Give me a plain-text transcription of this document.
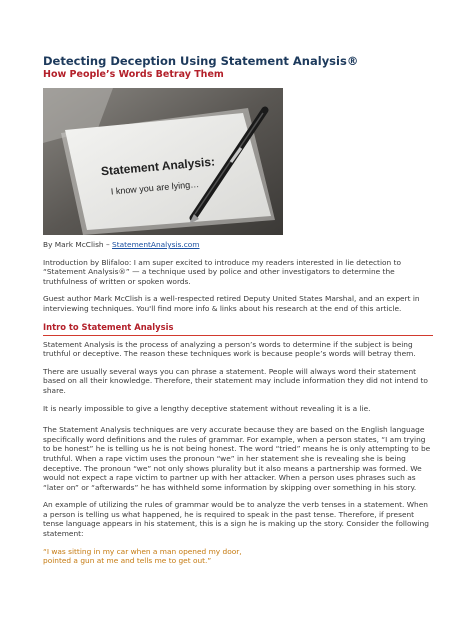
Detecting Deception Using Statement Analysis®
How People’s Words Betray Them
Statement Analysis:
I know you are lying…

By Mark McClish – StatementAnalysis.com

Introduction by Blifaloo: I am super excited to introduce my readers interested in lie detection to “Statement Analysis®” — a technique used by police and other investigators to determine the truthfulness of written or spoken words.

Guest author Mark McClish is a well-respected retired Deputy United States Marshal, and an expert in interviewing techniques. You'll find more info & links about his research at the end of this article.

Intro to Statement Analysis

Statement Analysis is the process of analyzing a person’s words to determine if the subject is being truthful or deceptive. The reason these techniques work is because people’s words will betray them.

There are usually several ways you can phrase a statement. People will always word their statement based on all their knowledge. Therefore, their statement may include information they did not intend to share.

It is nearly impossible to give a lengthy deceptive statement without revealing it is a lie.

The Statement Analysis techniques are very accurate because they are based on the English language specifically word definitions and the rules of grammar. For example, when a person states, “I am trying to be honest” he is telling us he is not being honest. The word “tried” means he is only attempting to be truthful. When a rape victim uses the pronoun “we” in her statement she is revealing she is being deceptive. The pronoun “we” not only shows plurality but it also means a partnership was formed. We would not expect a rape victim to partner up with her attacker. When a person uses phrases such as “later on” or “afterwards” he has withheld some information by skipping over something in his story.

An example of utilizing the rules of grammar would be to analyze the verb tenses in a statement. When a person is telling us what happened, he is required to speak in the past tense. Therefore, if present tense language appears in his statement, this is a sign he is making up the story. Consider the following statement:

“I was sitting in my car when a man opened my door,

pointed a gun at me and tells me to get out.”
